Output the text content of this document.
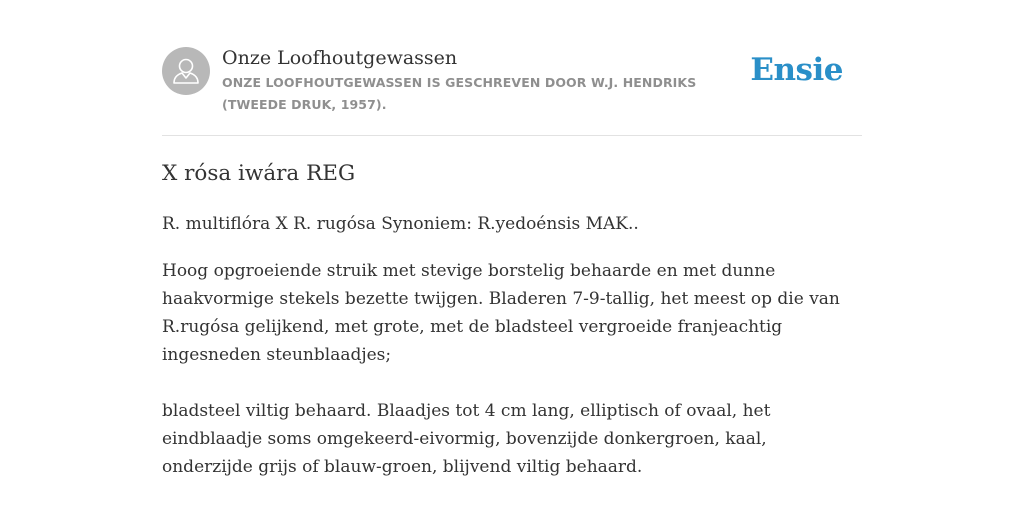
Onze Loofhoutgewassen
ONZE LOOFHOUTGEWASSEN IS GESCHREVEN DOOR W.J. HENDRIKS (TWEEDE DRUK, 1957).
Ensie
X rósa iwára REG

R. multiflóra X R. rugósa Synoniem: R.yedoénsis MAK..

Hoog opgroeiende struik met stevige borstelig behaarde en met dunne haakvormige stekels bezette twijgen. Bladeren 7-9-tallig, het meest op die van R.rugósa gelijkend, met grote, met de bladsteel vergroeide franjeachtig ingesneden steunblaadjes;

bladsteel viltig behaard. Blaadjes tot 4 cm lang, elliptisch of ovaal, het eindblaadje soms omgekeerd-eivormig, bovenzijde donkergroen, kaal, onderzijde grijs of blauw-groen, blijvend viltig behaard.
